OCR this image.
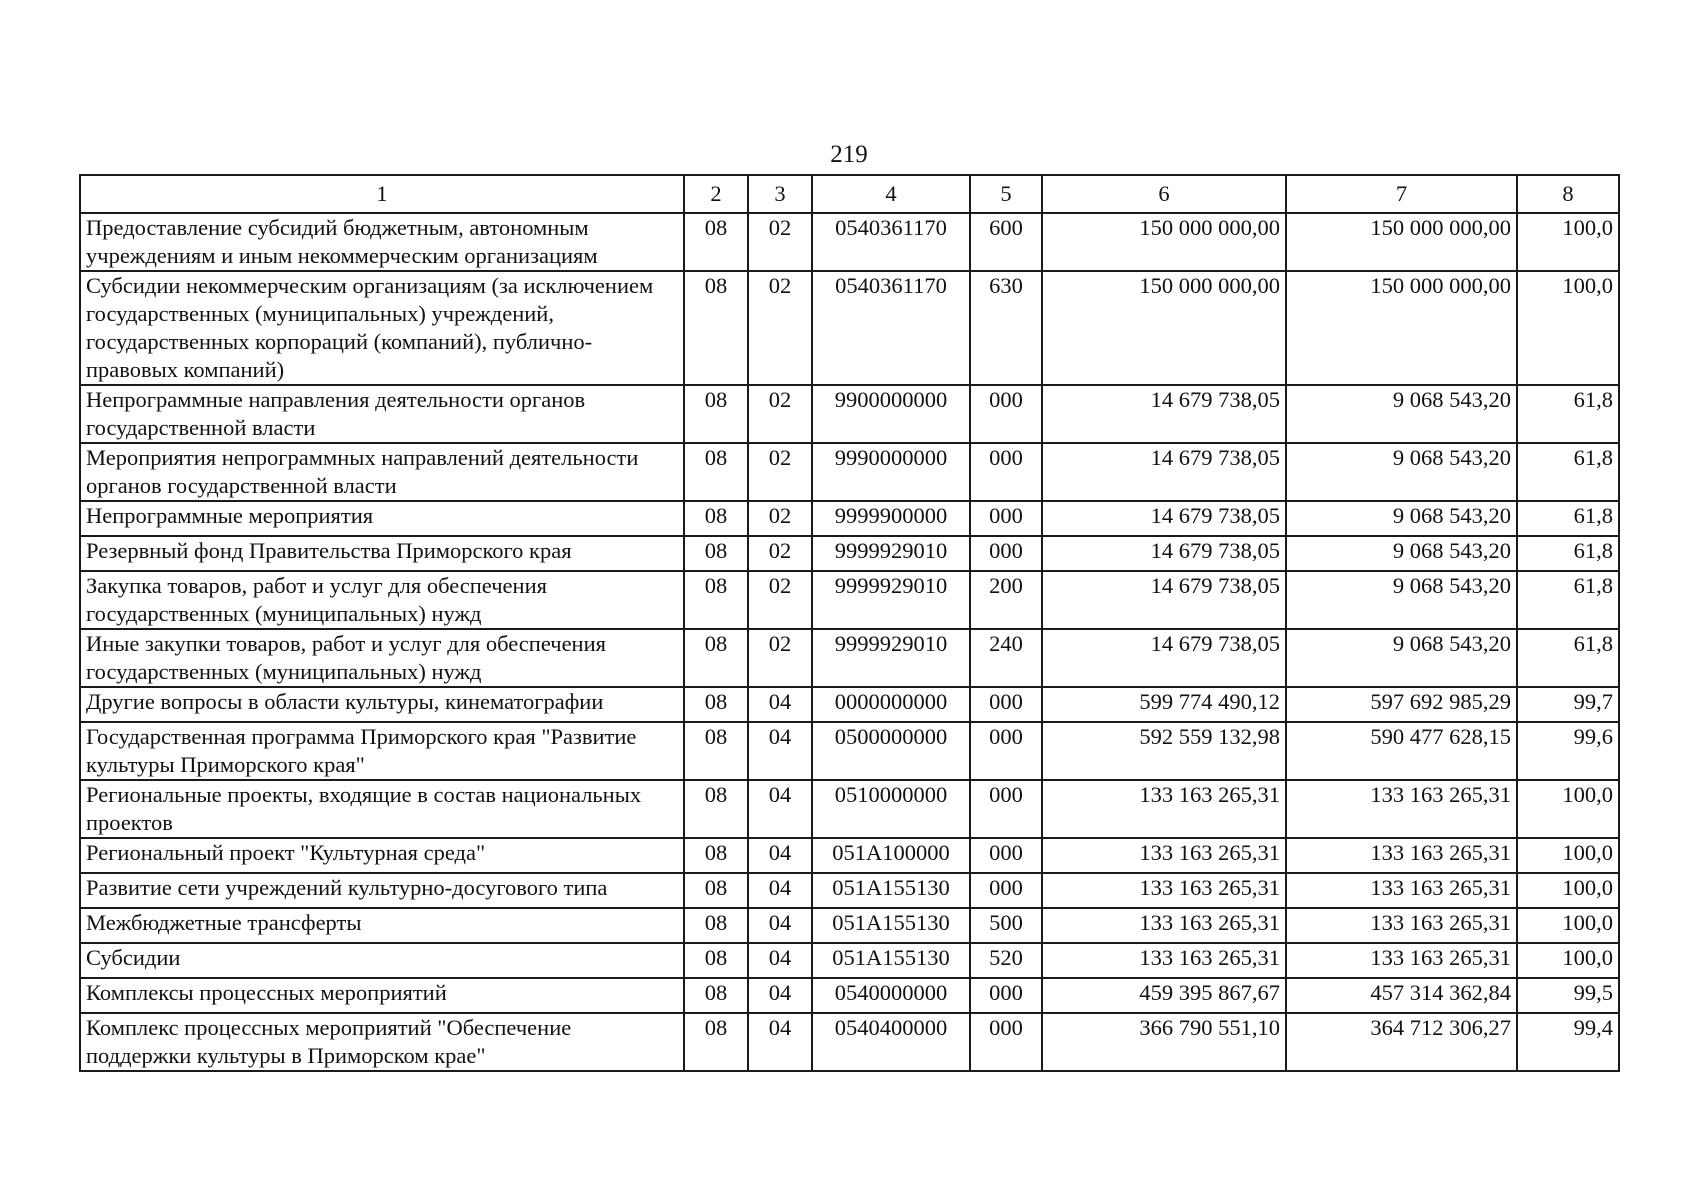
219
1	2	3	4	5	6	7	8
Предоставление субсидий бюджетным, автономным учреждениям и иным некоммерческим организациям	08	02	0540361170	600	150 000 000,00	150 000 000,00	100,0
Субсидии некоммерческим организациям (за исключением государственных (муниципальных) учреждений, государственных корпораций (компаний), публично-правовых компаний)	08	02	0540361170	630	150 000 000,00	150 000 000,00	100,0
Непрограммные направления деятельности органов государственной власти	08	02	9900000000	000	14 679 738,05	9 068 543,20	61,8
Мероприятия непрограммных направлений деятельности органов государственной власти	08	02	9990000000	000	14 679 738,05	9 068 543,20	61,8
Непрограммные мероприятия	08	02	9999900000	000	14 679 738,05	9 068 543,20	61,8
Резервный фонд Правительства Приморского края	08	02	9999929010	000	14 679 738,05	9 068 543,20	61,8
Закупка товаров, работ и услуг для обеспечения государственных (муниципальных) нужд	08	02	9999929010	200	14 679 738,05	9 068 543,20	61,8
Иные закупки товаров, работ и услуг для обеспечения государственных (муниципальных) нужд	08	02	9999929010	240	14 679 738,05	9 068 543,20	61,8
Другие вопросы в области культуры, кинематографии	08	04	0000000000	000	599 774 490,12	597 692 985,29	99,7
Государственная программа Приморского края "Развитие культуры Приморского края"	08	04	0500000000	000	592 559 132,98	590 477 628,15	99,6
Региональные проекты, входящие в состав национальных проектов	08	04	0510000000	000	133 163 265,31	133 163 265,31	100,0
Региональный проект "Культурная среда"	08	04	051А100000	000	133 163 265,31	133 163 265,31	100,0
Развитие сети учреждений культурно-досугового типа	08	04	051А155130	000	133 163 265,31	133 163 265,31	100,0
Межбюджетные трансферты	08	04	051А155130	500	133 163 265,31	133 163 265,31	100,0
Субсидии	08	04	051А155130	520	133 163 265,31	133 163 265,31	100,0
Комплексы процессных мероприятий	08	04	0540000000	000	459 395 867,67	457 314 362,84	99,5
Комплекс процессных мероприятий "Обеспечение поддержки культуры в Приморском крае"	08	04	0540400000	000	366 790 551,10	364 712 306,27	99,4
